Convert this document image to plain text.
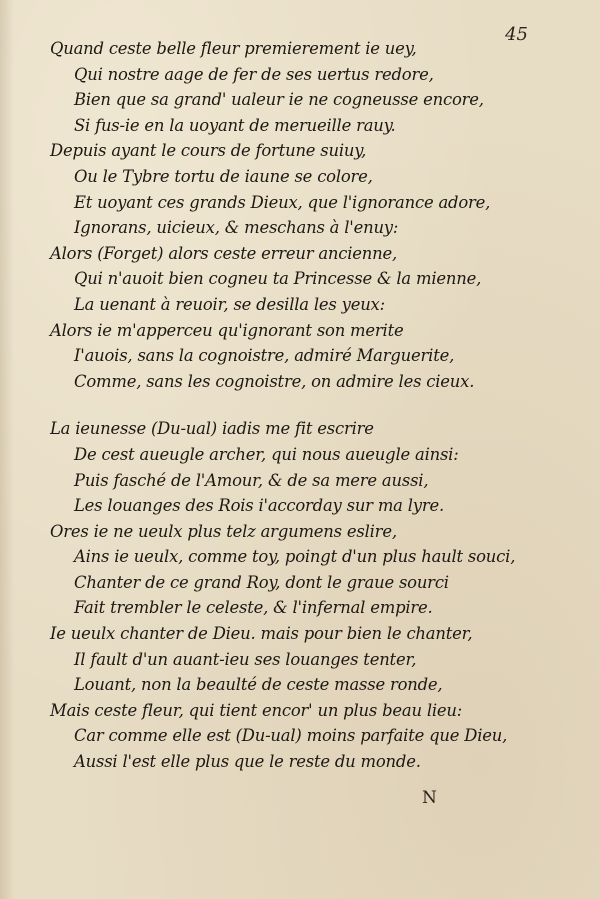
45
Quand ceste belle fleur premierement ie uey,
Qui nostre aage de fer de ses uertus redore,
Bien que sa grand' ualeur ie ne cogneusse encore,
Si fus-ie en la uoyant de merueille rauy.
Depuis ayant le cours de fortune suiuy,
Ou le Tybre tortu de iaune se colore,
Et uoyant ces grands Dieux, que l'ignorance adore,
Ignorans, uicieux, & meschans à l'enuy:
Alors (Forget) alors ceste erreur ancienne,
Qui n'auoit bien cogneu ta Princesse & la mienne,
La uenant à reuoir, se desilla les yeux:
Alors ie m'apperceu qu'ignorant son merite
I'auois, sans la cognoistre, admiré Marguerite,
Comme, sans les cognoistre, on admire les cieux.
La ieunesse (Du-ual) iadis me fit escrire
De cest aueugle archer, qui nous aueugle ainsi:
Puis fasché de l'Amour, & de sa mere aussi,
Les louanges des Rois i'accorday sur ma lyre.
Ores ie ne ueulx plus telz argumens eslire,
Ains ie ueulx, comme toy, poingt d'un plus hault souci,
Chanter de ce grand Roy, dont le graue sourci
Fait trembler le celeste, & l'infernal empire.
Ie ueulx chanter de Dieu. mais pour bien le chanter,
Il fault d'un auant-ieu ses louanges tenter,
Louant, non la beaulté de ceste masse ronde,
Mais ceste fleur, qui tient encor' un plus beau lieu:
Car comme elle est (Du-ual) moins parfaite que Dieu,
Aussi l'est elle plus que le reste du monde.
N
